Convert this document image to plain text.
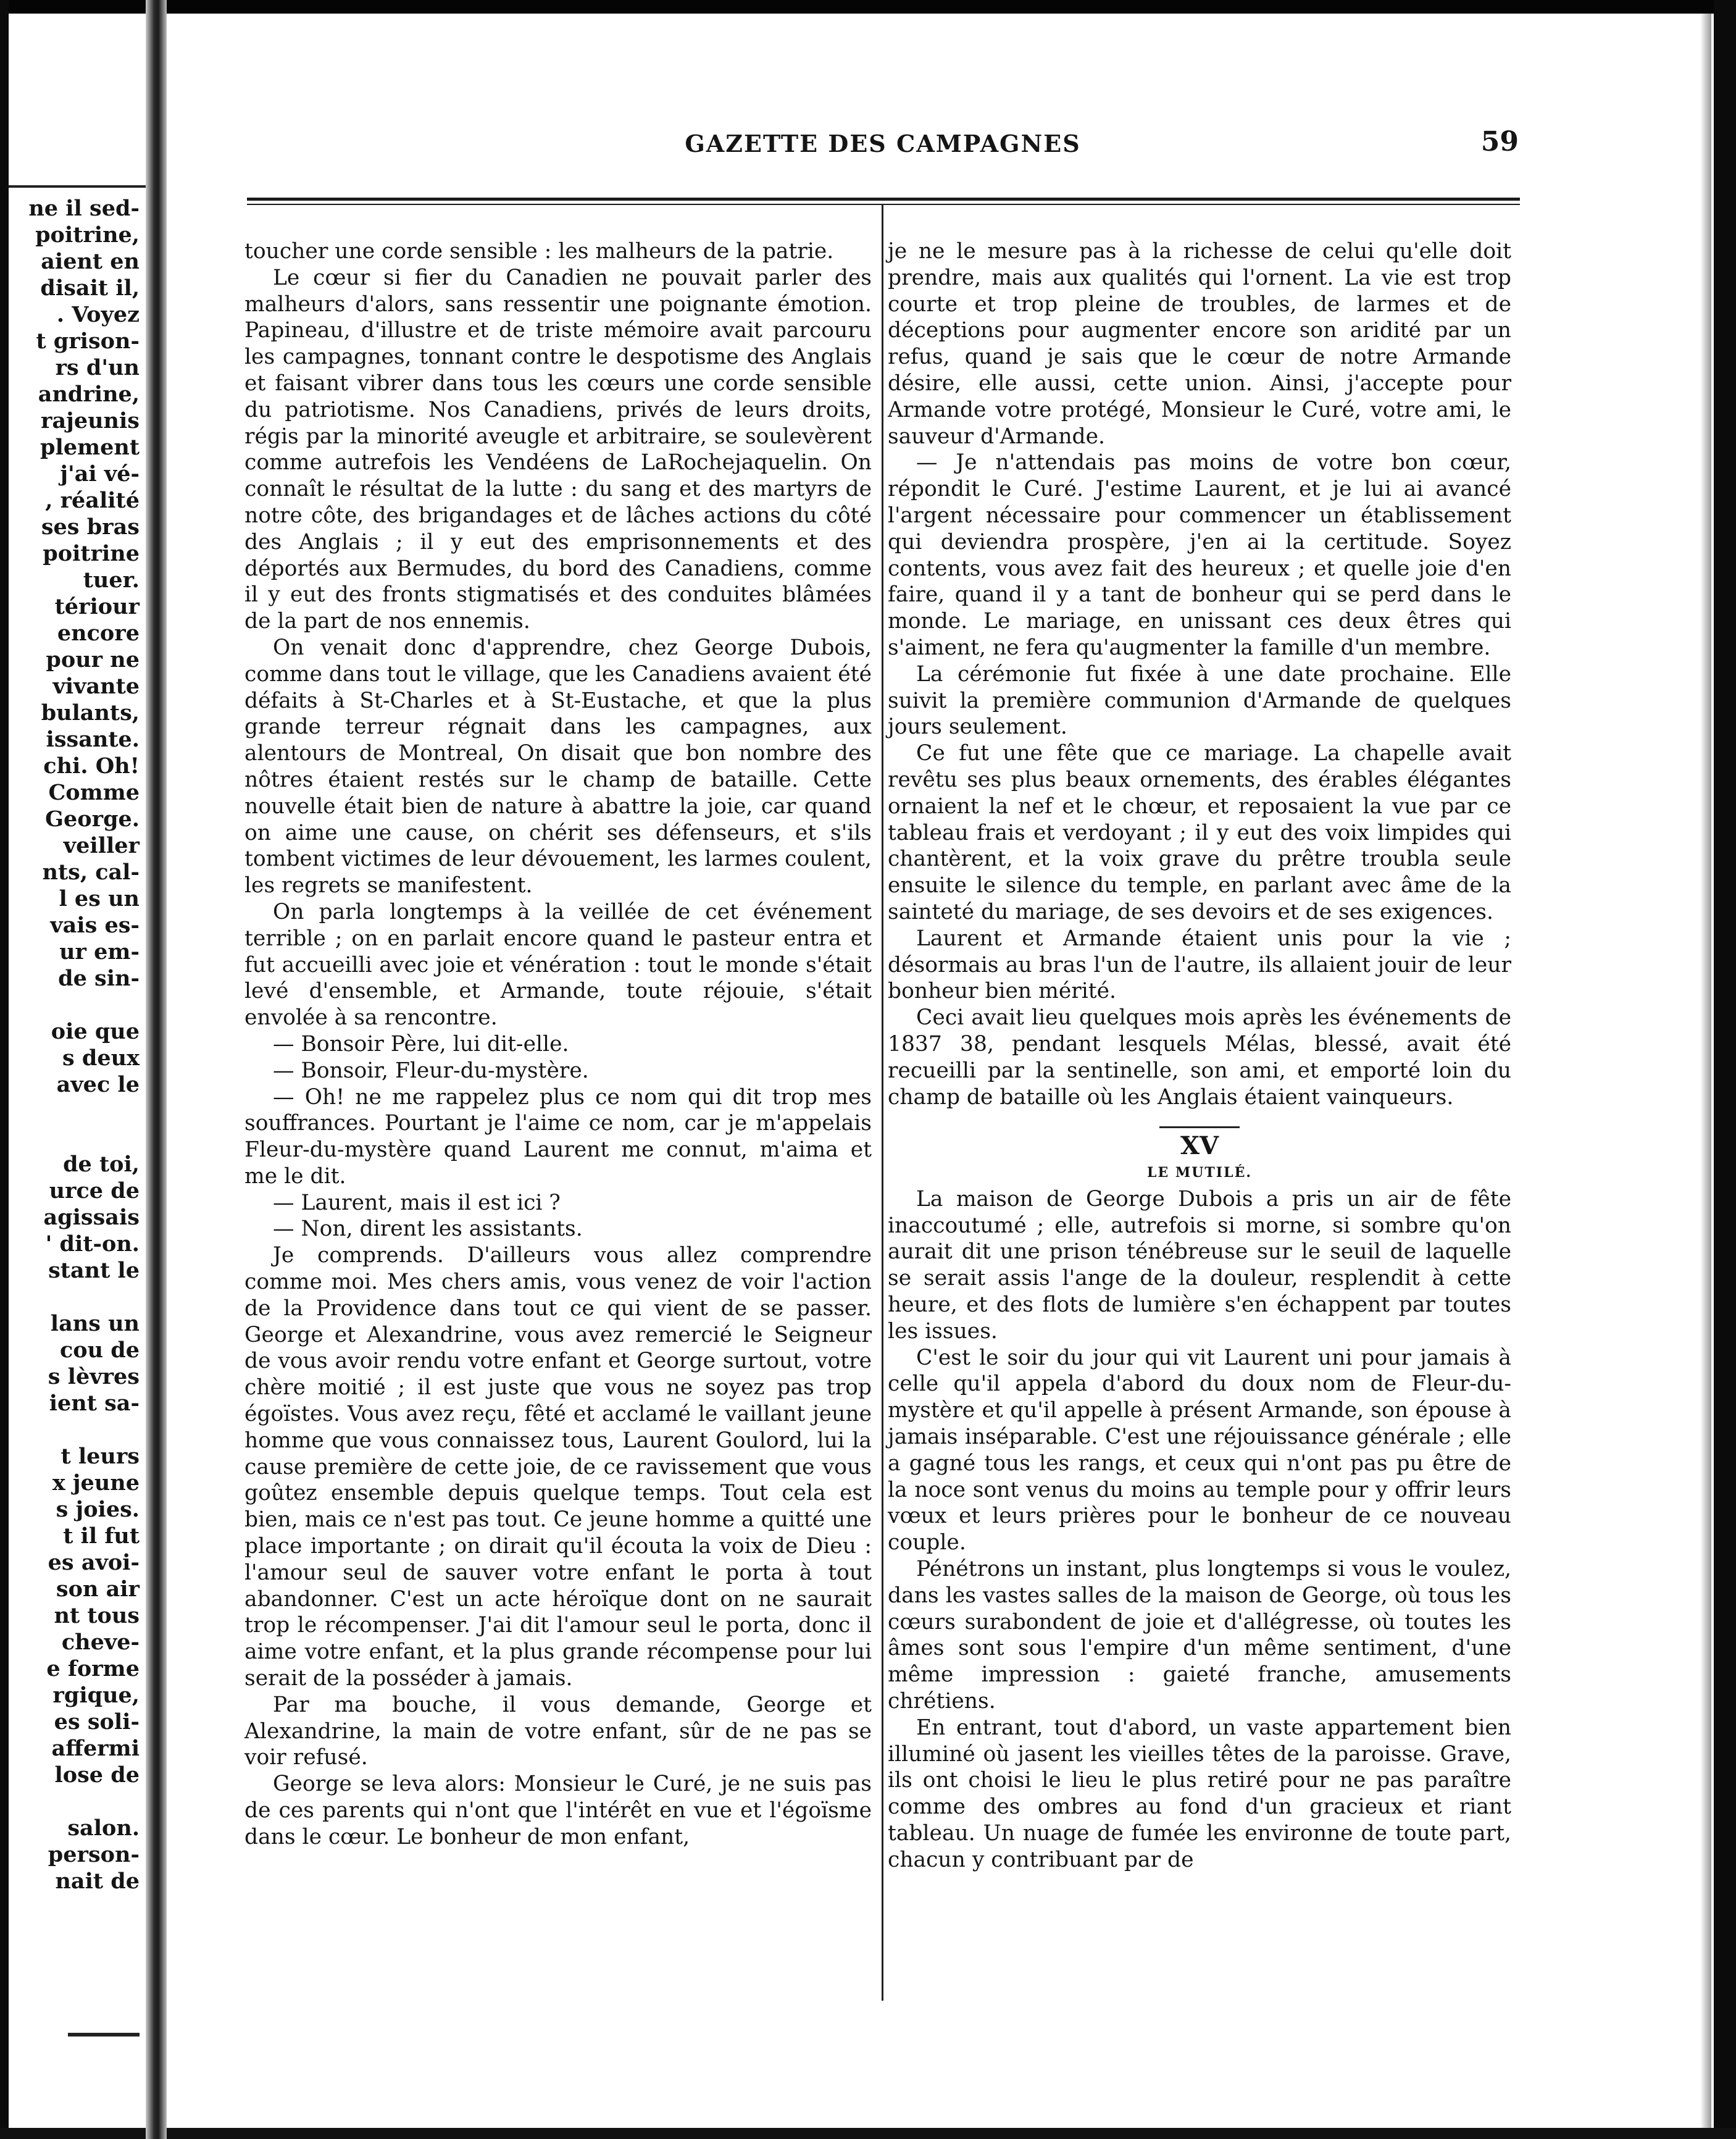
ne il sed-
poitrine,
aient en
disait il,
. Voyez
t grison-
rs d'un
andrine,
rajeunis
plement
j'ai vé-
, réalité
ses bras
poitrine
tuer.
tériour
encore
pour ne
vivante
bulants,
issante.
chi. Oh!
Comme
George.
veiller
nts, cal-
l es un
vais es-
ur em-
de sin-

oie que
s deux
avec le

de toi,
urce de
agissais
' dit-on.
stant le

lans un
cou de
s lèvres
ient sa-

t leurs
x jeune
s joies.
t il fut
es avoi-
son air
nt tous
cheve-
e forme
rgique,
es soli-
affermi
lose de

salon.
person-
nait de
GAZETTE DES CAMPAGNES	59

toucher une corde sensible : les malheurs de la patrie.

Le cœur si fier du Canadien ne pouvait parler des malheurs d'alors, sans ressentir une poignante émotion. Papineau, d'illustre et de triste mémoire avait parcouru les campagnes, tonnant contre le despotisme des Anglais et faisant vibrer dans tous les cœurs une corde sensible du patriotisme. Nos Canadiens, privés de leurs droits, régis par la minorité aveugle et arbitraire, se soulevèrent comme autrefois les Vendéens de LaRochejaquelin. On connaît le résultat de la lutte : du sang et des martyrs de notre côte, des brigandages et de lâches actions du côté des Anglais ; il y eut des emprisonnements et des déportés aux Bermudes, du bord des Canadiens, comme il y eut des fronts stigmatisés et des conduites blâmées de la part de nos ennemis.

On venait donc d'apprendre, chez George Dubois, comme dans tout le village, que les Canadiens avaient été défaits à St-Charles et à St-Eustache, et que la plus grande terreur régnait dans les campagnes, aux alentours de Montreal, On disait que bon nombre des nôtres étaient restés sur le champ de bataille. Cette nouvelle était bien de nature à abattre la joie, car quand on aime une cause, on chérit ses défenseurs, et s'ils tombent victimes de leur dévouement, les larmes coulent, les regrets se manifestent.

On parla longtemps à la veillée de cet événement terrible ; on en parlait encore quand le pasteur entra et fut accueilli avec joie et vénération : tout le monde s'était levé d'ensemble, et Armande, toute réjouie, s'était envolée à sa rencontre.

— Bonsoir Père, lui dit-elle.

— Bonsoir, Fleur-du-mystère.

— Oh! ne me rappelez plus ce nom qui dit trop mes souffrances. Pourtant je l'aime ce nom, car je m'appelais Fleur-du-mystère quand Laurent me connut, m'aima et me le dit.

— Laurent, mais il est ici ?

— Non, dirent les assistants.

Je comprends. D'ailleurs vous allez comprendre comme moi. Mes chers amis, vous venez de voir l'action de la Providence dans tout ce qui vient de se passer. George et Alexandrine, vous avez remercié le Seigneur de vous avoir rendu votre enfant et George surtout, votre chère moitié ; il est juste que vous ne soyez pas trop égoïstes. Vous avez reçu, fêté et acclamé le vaillant jeune homme que vous connaissez tous, Laurent Goulord, lui la cause première de cette joie, de ce ravissement que vous goûtez ensemble depuis quelque temps. Tout cela est bien, mais ce n'est pas tout. Ce jeune homme a quitté une place importante ; on dirait qu'il écouta la voix de Dieu : l'amour seul de sauver votre enfant le porta à tout abandonner. C'est un acte héroïque dont on ne saurait trop le récompenser. J'ai dit l'amour seul le porta, donc il aime votre enfant, et la plus grande récompense pour lui serait de la posséder à jamais.

Par ma bouche, il vous demande, George et Alexandrine, la main de votre enfant, sûr de ne pas se voir refusé.

George se leva alors: Monsieur le Curé, je ne suis pas de ces parents qui n'ont que l'intérêt en vue et l'égoïsme dans le cœur. Le bonheur de mon enfant,

je ne le mesure pas à la richesse de celui qu'elle doit prendre, mais aux qualités qui l'ornent. La vie est trop courte et trop pleine de troubles, de larmes et de déceptions pour augmenter encore son aridité par un refus, quand je sais que le cœur de notre Armande désire, elle aussi, cette union. Ainsi, j'accepte pour Armande votre protégé, Monsieur le Curé, votre ami, le sauveur d'Armande.

— Je n'attendais pas moins de votre bon cœur, répondit le Curé. J'estime Laurent, et je lui ai avancé l'argent nécessaire pour commencer un établissement qui deviendra prospère, j'en ai la certitude. Soyez contents, vous avez fait des heureux ; et quelle joie d'en faire, quand il y a tant de bonheur qui se perd dans le monde. Le mariage, en unissant ces deux êtres qui s'aiment, ne fera qu'augmenter la famille d'un membre.

La cérémonie fut fixée à une date prochaine. Elle suivit la première communion d'Armande de quelques jours seulement.

Ce fut une fête que ce mariage. La chapelle avait revêtu ses plus beaux ornements, des érables élégantes ornaient la nef et le chœur, et reposaient la vue par ce tableau frais et verdoyant ; il y eut des voix limpides qui chantèrent, et la voix grave du prêtre troubla seule ensuite le silence du temple, en parlant avec âme de la sainteté du mariage, de ses devoirs et de ses exigences.

Laurent et Armande étaient unis pour la vie ; désormais au bras l'un de l'autre, ils allaient jouir de leur bonheur bien mérité.

Ceci avait lieu quelques mois après les événements de 1837 38, pendant lesquels Mélas, blessé, avait été recueilli par la sentinelle, son ami, et emporté loin du champ de bataille où les Anglais étaient vainqueurs.

XV

LE MUTILÉ.

La maison de George Dubois a pris un air de fête inaccoutumé ; elle, autrefois si morne, si sombre qu'on aurait dit une prison ténébreuse sur le seuil de laquelle se serait assis l'ange de la douleur, resplendit à cette heure, et des flots de lumière s'en échappent par toutes les issues.

C'est le soir du jour qui vit Laurent uni pour jamais à celle qu'il appela d'abord du doux nom de Fleur-du-mystère et qu'il appelle à présent Armande, son épouse à jamais inséparable. C'est une réjouissance générale ; elle a gagné tous les rangs, et ceux qui n'ont pas pu être de la noce sont venus du moins au temple pour y offrir leurs vœux et leurs prières pour le bonheur de ce nouveau couple.

Pénétrons un instant, plus longtemps si vous le voulez, dans les vastes salles de la maison de George, où tous les cœurs surabondent de joie et d'allégresse, où toutes les âmes sont sous l'empire d'un même sentiment, d'une même impression : gaieté franche, amusements chrétiens.

En entrant, tout d'abord, un vaste appartement bien illuminé où jasent les vieilles têtes de la paroisse. Grave, ils ont choisi le lieu le plus retiré pour ne pas paraître comme des ombres au fond d'un gracieux et riant tableau. Un nuage de fumée les environne de toute part, chacun y contribuant par de
